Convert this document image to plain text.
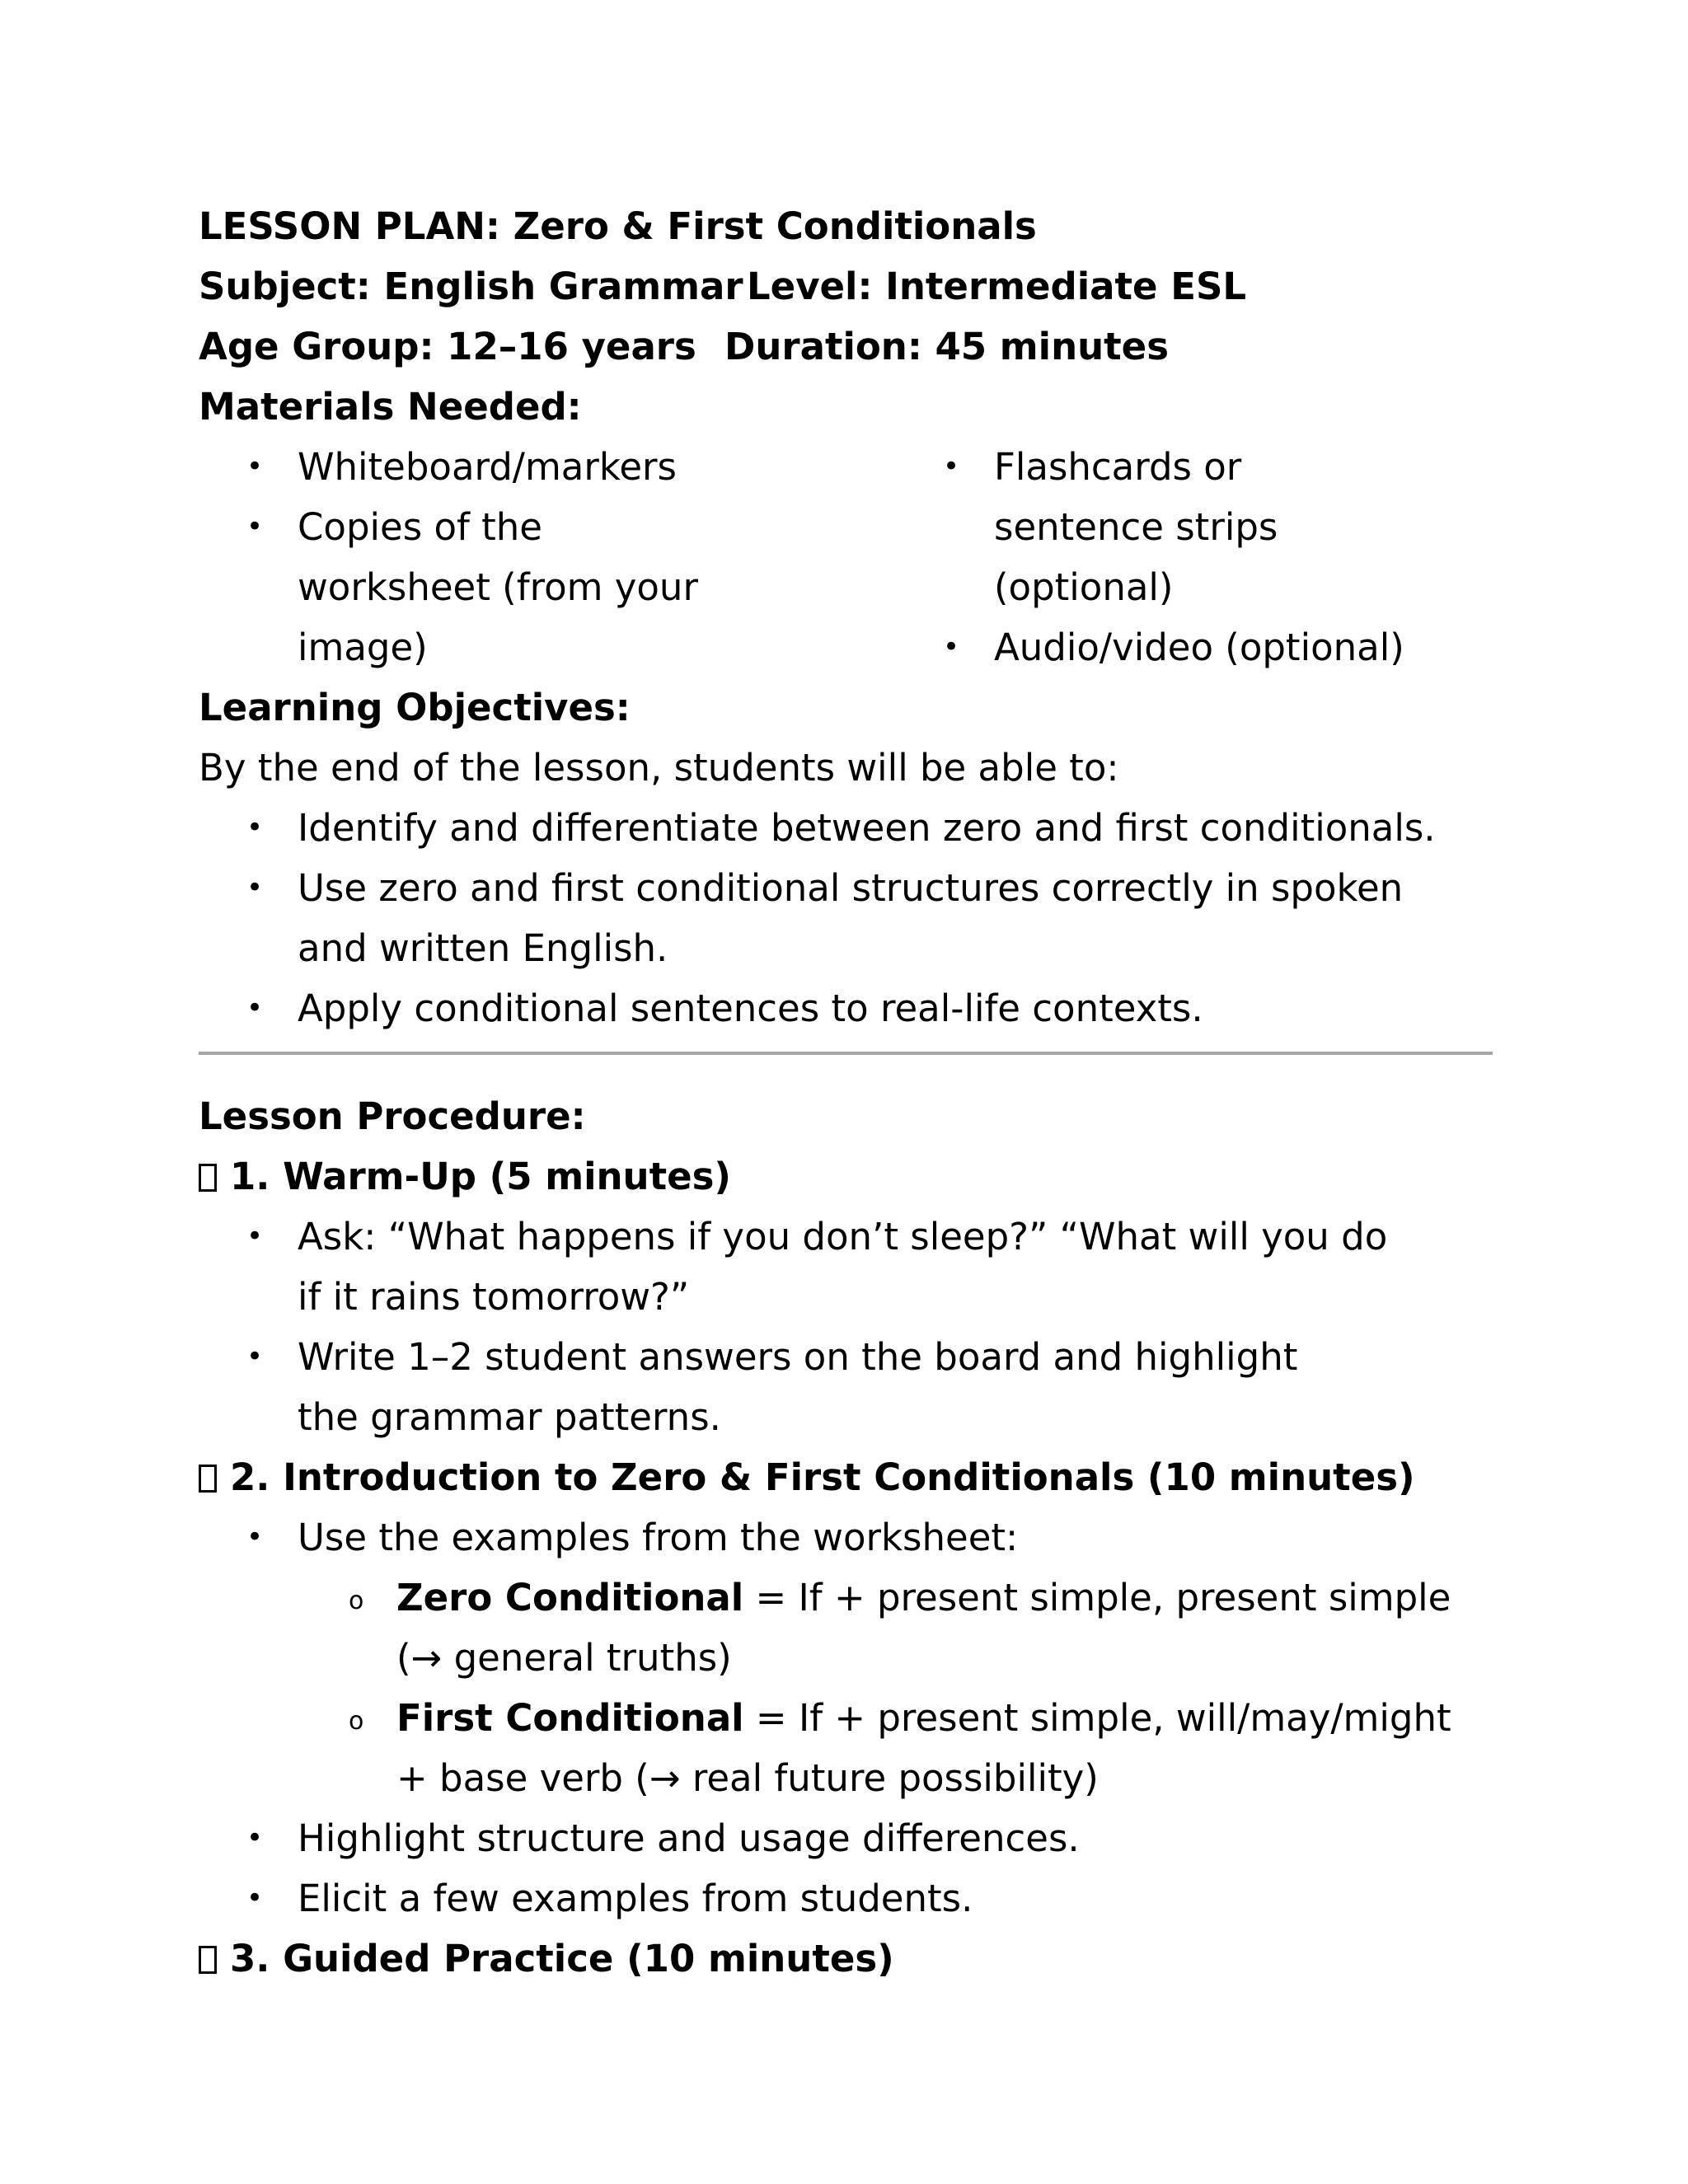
LESSON PLAN: Zero & First Conditionals

Subject: English Grammar Level: Intermediate ESL
Age Group: 12–16 years Duration: 45 minutes

Materials Needed:

• Whiteboard/markers
• Copies of the worksheet (from your image)
• Flashcards or sentence strips (optional)
• Audio/video (optional)

Learning Objectives:

By the end of the lesson, students will be able to:

• Identify and differentiate between zero and first conditionals.
• Use zero and first conditional structures correctly in spoken and written English.
• Apply conditional sentences to real-life contexts.

Lesson Procedure:

1. Warm-Up (5 minutes)

• Ask: “What happens if you don’t sleep?” “What will you do if it rains tomorrow?”
• Write 1–2 student answers on the board and highlight the grammar patterns.

2. Introduction to Zero & First Conditionals (10 minutes)

• Use the examples from the worksheet:
o Zero Conditional = If + present simple, present simple (→ general truths)
o First Conditional = If + present simple, will/may/might + base verb (→ real future possibility)
• Highlight structure and usage differences.
• Elicit a few examples from students.

3. Guided Practice (10 minutes)
